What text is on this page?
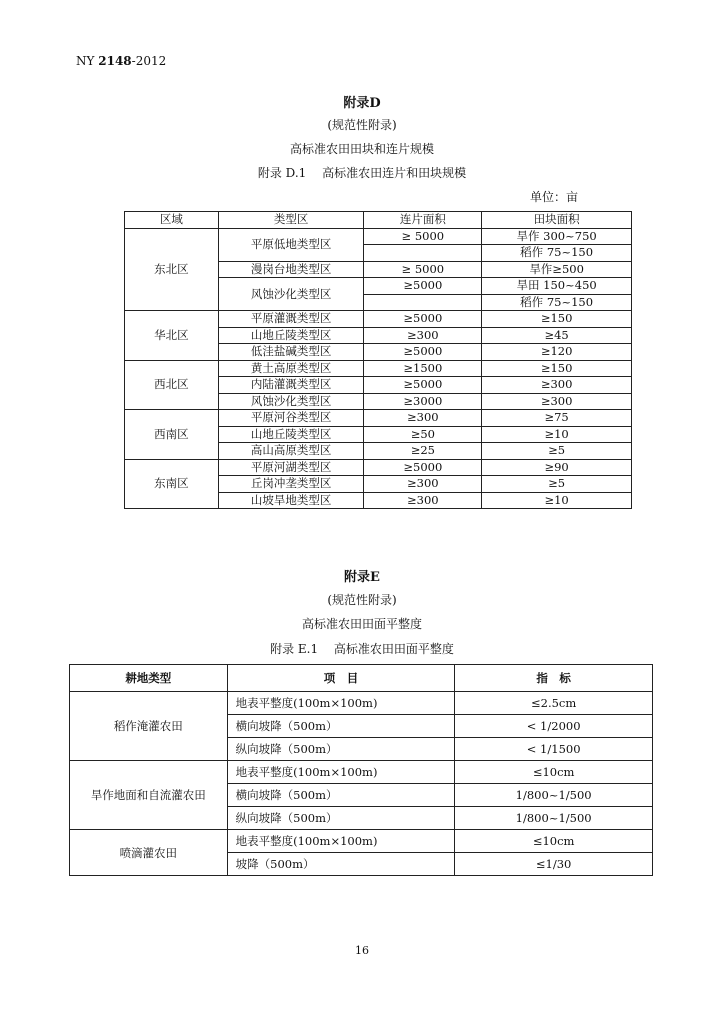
NY 2148-2012
附录D
(规范性附录)
高标准农田田块和连片规模
附录 D.1　 高标准农田连片和田块规模
单位：亩
区域	类型区	连片面积	田块面积
东北区	平原低地类型区	≥ 5000	旱作 300~750
			稻作 75~150
	漫岗台地类型区	≥ 5000	旱作≥500
	风蚀沙化类型区	≥5000	旱田 150~450
			稻作 75~150
华北区	平原灌溉类型区	≥5000	≥150
	山地丘陵类型区	≥300	≥45
	低洼盐碱类型区	≥5000	≥120
西北区	黄土高原类型区	≥1500	≥150
	内陆灌溉类型区	≥5000	≥300
	风蚀沙化类型区	≥3000	≥300
西南区	平原河谷类型区	≥300	≥75
	山地丘陵类型区	≥50	≥10
	高山高原类型区	≥25	≥5
东南区	平原河湖类型区	≥5000	≥90
	丘岗冲垄类型区	≥300	≥5
	山坡旱地类型区	≥300	≥10
附录E
(规范性附录)
高标准农田田面平整度
附录 E.1　 高标准农田田面平整度
耕地类型	项　目	指　标
稻作淹灌农田	地表平整度(100m×100m)	≤2.5cm
	横向坡降（500m）	< 1/2000
	纵向坡降（500m）	< 1/1500
旱作地面和自流灌农田	地表平整度(100m×100m)	≤10cm
	横向坡降（500m）	1/800~1/500
	纵向坡降（500m）	1/800~1/500
喷滴灌农田	地表平整度(100m×100m)	≤10cm
	坡降（500m）	≤1/30
16
